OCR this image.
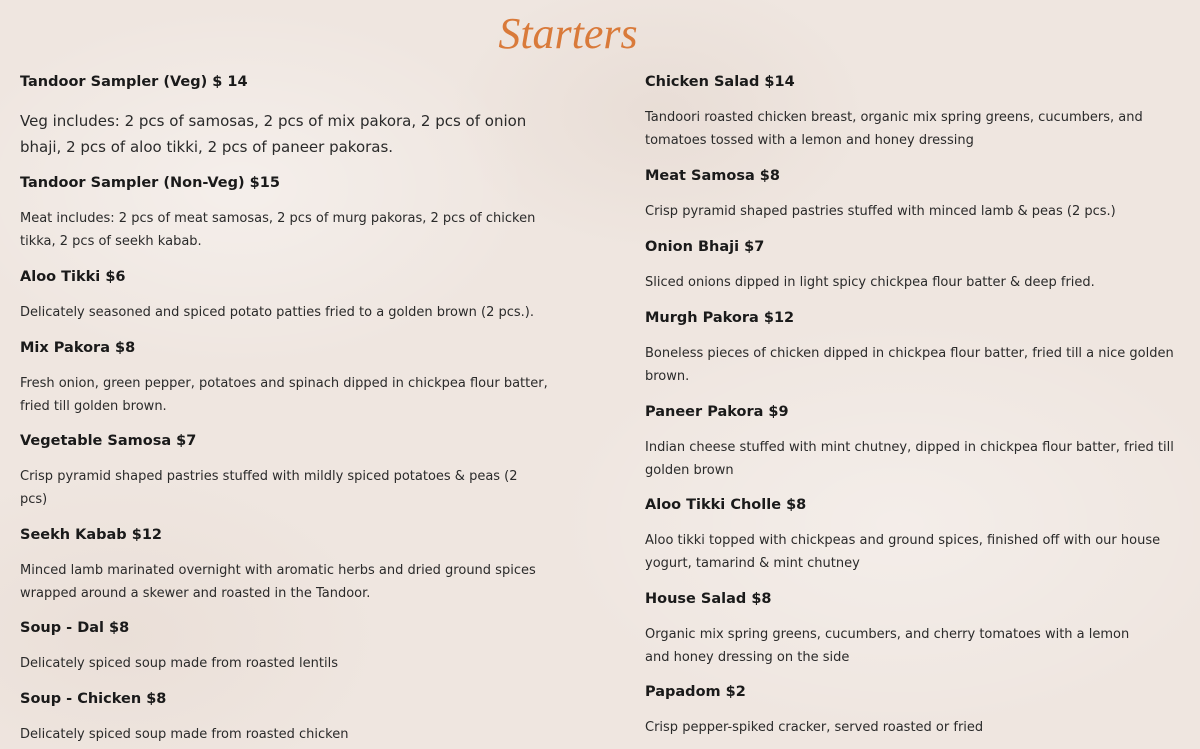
Starters
Tandoor Sampler (Veg) $ 14
Veg includes: 2 pcs of samosas, 2 pcs of mix pakora, 2 pcs of onion bhaji, 2 pcs of aloo tikki, 2 pcs of paneer pakoras.
Tandoor Sampler (Non-Veg) $15
Meat includes: 2 pcs of meat samosas, 2 pcs of murg pakoras, 2 pcs of chicken tikka, 2 pcs of seekh kabab.
Aloo Tikki $6
Delicately seasoned and spiced potato patties fried to a golden brown (2 pcs.).
Mix Pakora $8
Fresh onion, green pepper, potatoes and spinach dipped in chickpea flour batter, fried till golden brown.
Vegetable Samosa $7
Crisp pyramid shaped pastries stuffed with mildly spiced potatoes & peas (2 pcs)
Seekh Kabab $12
Minced lamb marinated overnight with aromatic herbs and dried ground spices wrapped around a skewer and roasted in the Tandoor.
Soup - Dal $8
Delicately spiced soup made from roasted lentils
Soup - Chicken $8
Delicately spiced soup made from roasted chicken
Chicken Salad $14
Tandoori roasted chicken breast, organic mix spring greens, cucumbers, and tomatoes tossed with a lemon and honey dressing
Meat Samosa $8
Crisp pyramid shaped pastries stuffed with minced lamb & peas (2 pcs.)
Onion Bhaji $7
Sliced onions dipped in light spicy chickpea flour batter & deep fried.
Murgh Pakora $12
Boneless pieces of chicken dipped in chickpea flour batter, fried till a nice golden brown.
Paneer Pakora $9
Indian cheese stuffed with mint chutney, dipped in chickpea flour batter, fried till golden brown
Aloo Tikki Cholle $8
Aloo tikki topped with chickpeas and ground spices, finished off with our house yogurt, tamarind & mint chutney
House Salad $8
Organic mix spring greens, cucumbers, and cherry tomatoes with a lemon and honey dressing on the side
Papadom $2
Crisp pepper-spiked cracker, served roasted or fried
